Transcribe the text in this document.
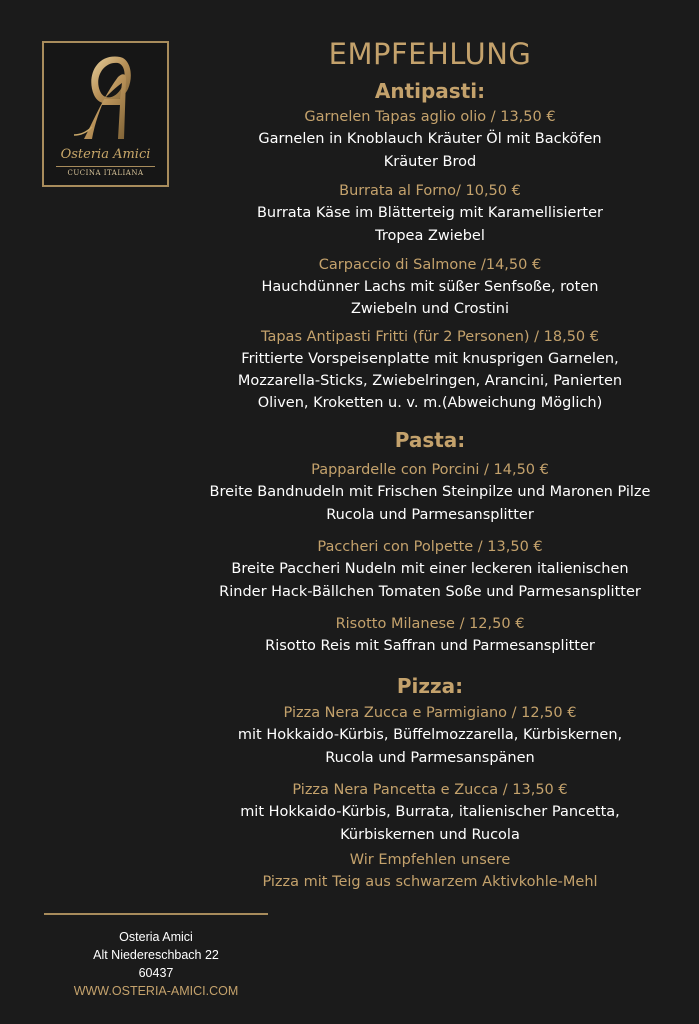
Osteria Amici
CUCINA ITALIANA
EMPFEHLUNG
Antipasti:
Garnelen Tapas aglio olio / 13,50 €
Garnelen in Knoblauch Kräuter Öl mit Backöfen
Kräuter Brod
Burrata al Forno/ 10,50 €
Burrata Käse im Blätterteig mit Karamellisierter
Tropea Zwiebel
Carpaccio di Salmone /14,50 €
Hauchdünner Lachs mit süßer Senfsoße, roten
Zwiebeln und Crostini
Tapas Antipasti Fritti (für 2 Personen) / 18,50 €
Frittierte Vorspeisenplatte mit knusprigen Garnelen,
Mozzarella-Sticks, Zwiebelringen, Arancini, Panierten
Oliven, Kroketten u. v. m.(Abweichung Möglich)
Pasta:
Pappardelle con Porcini / 14,50 €
Breite Bandnudeln mit Frischen Steinpilze und Maronen Pilze
Rucola und Parmesansplitter
Paccheri con Polpette / 13,50 €
Breite Paccheri Nudeln mit einer leckeren italienischen
Rinder Hack-Bällchen Tomaten Soße und Parmesansplitter
Risotto Milanese / 12,50 €
Risotto Reis mit Saffran und Parmesansplitter
Pizza:
Pizza Nera Zucca e Parmigiano / 12,50 €
mit Hokkaido-Kürbis, Büffelmozzarella, Kürbiskernen,
Rucola und Parmesanspänen
Pizza Nera Pancetta e Zucca / 13,50 €
mit Hokkaido-Kürbis, Burrata, italienischer Pancetta,
Kürbiskernen und Rucola
Wir Empfehlen unsere
Pizza mit Teig aus schwarzem Aktivkohle-Mehl
Osteria Amici
Alt Niedereschbach 22
60437
WWW.OSTERIA-AMICI.COM
